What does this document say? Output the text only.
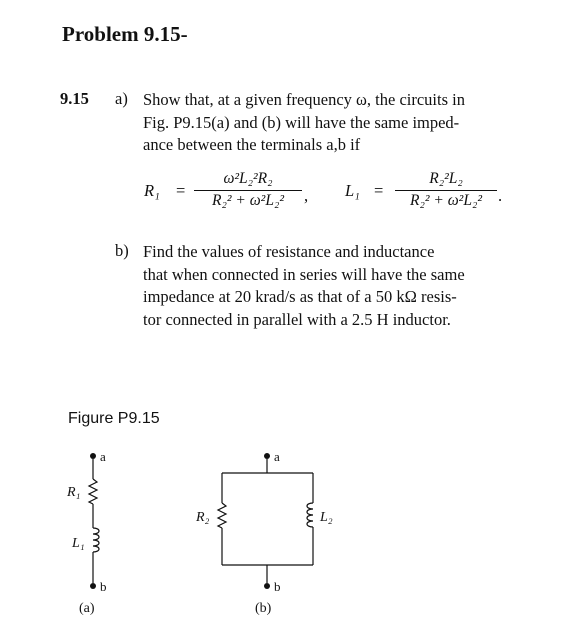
Problem 9.15-
9.15 a) Show that, at a given frequency ω, the circuits in
Fig. P9.15(a) and (b) will have the same imped-
ance between the terminals a,b if
R₁ =
ω²L₂²R₂
R₂² + ω²L₂²	, L₁ =
R₂²L₂
R₂² + ω²L₂² .
b) Find the values of resistance and inductance
that when connected in series will have the same
impedance at 20 krad/s as that of a 50 kΩ resis-
tor connected in parallel with a 2.5 H inductor.
Figure P9.15
a
R₁
L₁
b
(a)
a
R₂	L₂
b
(b)
